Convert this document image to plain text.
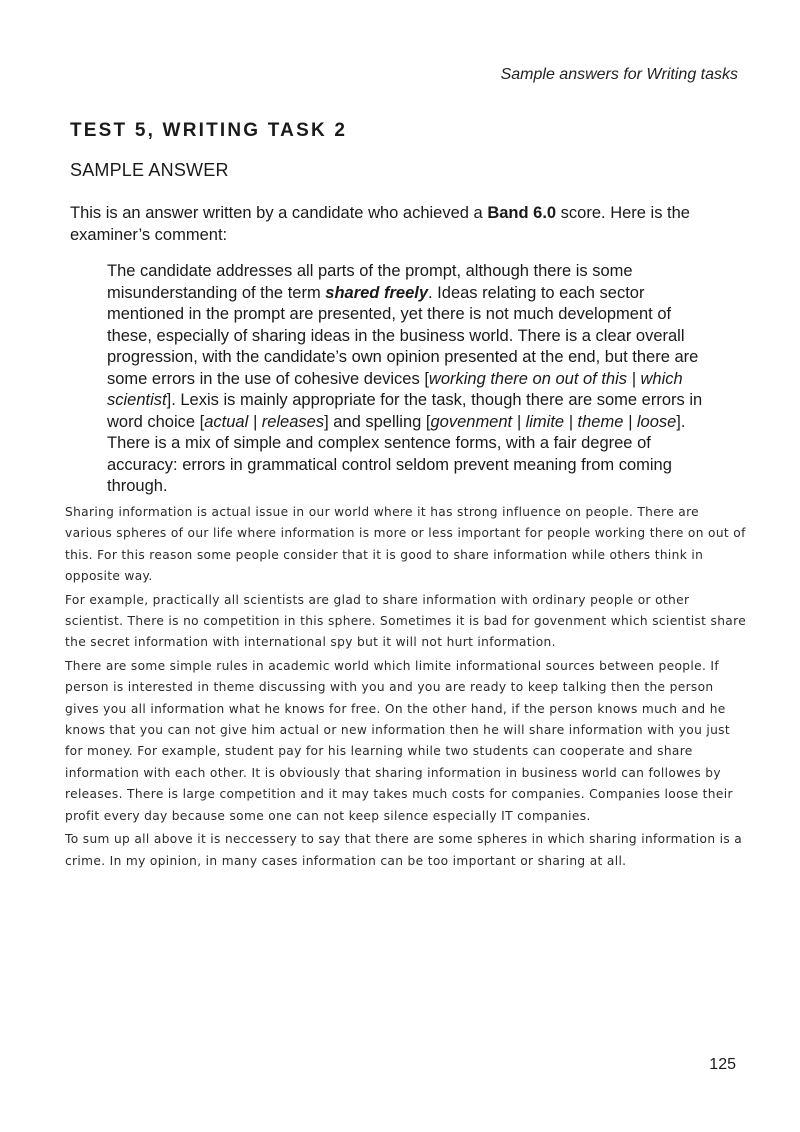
Sample answers for Writing tasks
TEST 5, WRITING TASK 2
SAMPLE ANSWER
This is an answer written by a candidate who achieved a Band 6.0 score. Here is the examiner’s comment:
The candidate addresses all parts of the prompt, although there is some misunderstanding of the term shared freely. Ideas relating to each sector mentioned in the prompt are presented, yet there is not much development of these, especially of sharing ideas in the business world. There is a clear overall progression, with the candidate’s own opinion presented at the end, but there are some errors in the use of cohesive devices [working there on out of this | which scientist]. Lexis is mainly appropriate for the task, though there are some errors in word choice [actual | releases] and spelling [govenment | limite | theme | loose]. There is a mix of simple and complex sentence forms, with a fair degree of accuracy: errors in grammatical control seldom prevent meaning from coming through.

Sharing information is actual issue in our world where it has strong influence on people. There are various spheres of our life where information is more or less important for people working there on out of this. For this reason some people consider that it is good to share information while others think in opposite way.

For example, practically all scientists are glad to share information with ordinary people or other scientist. There is no competition in this sphere. Sometimes it is bad for govenment which scientist share the secret information with international spy but it will not hurt information.

There are some simple rules in academic world which limite informational sources between people. If person is interested in theme discussing with you and you are ready to keep talking then the person gives you all information what he knows for free. On the other hand, if the person knows much and he knows that you can not give him actual or new information then he will share information with you just for money. For example, student pay for his learning while two students can cooperate and share information with each other. It is obviously that sharing information in business world can followes by releases. There is large competition and it may takes much costs for companies. Companies loose their profit every day because some one can not keep silence especially IT companies.

To sum up all above it is neccessery to say that there are some spheres in which sharing information is a crime. In my opinion, in many cases information can be too important or sharing at all.

125
